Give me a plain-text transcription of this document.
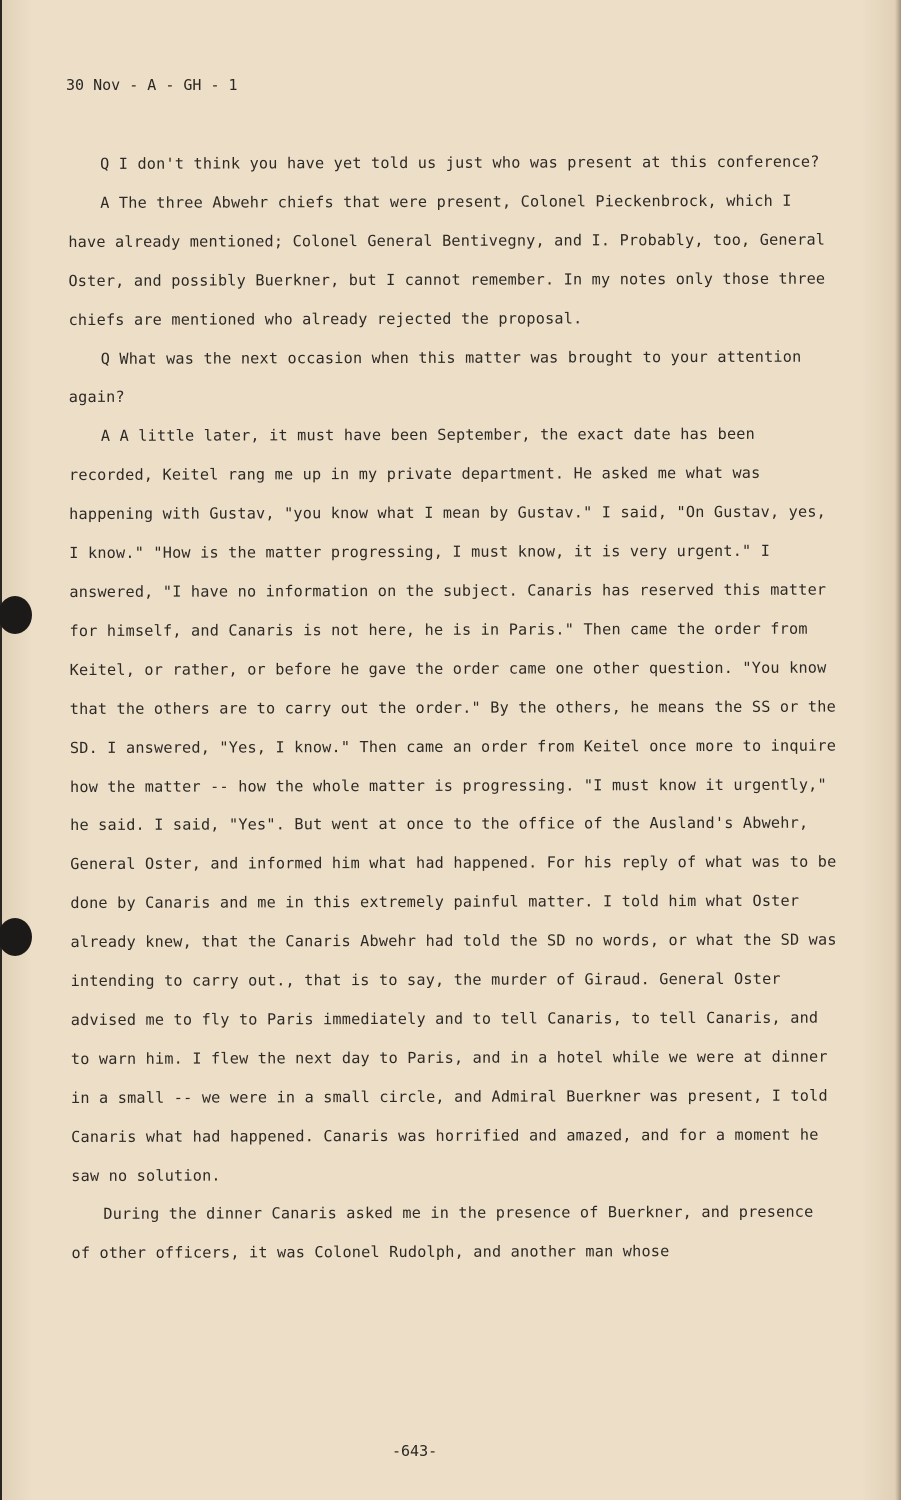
30 Nov - A - GH - 1

Q I don't think you have yet told us just who was present at this conference?

A The three Abwehr chiefs that were present, Colonel Pieckenbrock, which I have already mentioned; Colonel General Bentivegny, and I. Probably, too, General Oster, and possibly Buerkner, but I cannot remember. In my notes only those three chiefs are mentioned who already rejected the proposal.

Q What was the next occasion when this matter was brought to your attention again?

A A little later, it must have been September, the exact date has been recorded, Keitel rang me up in my private department. He asked me what was happening with Gustav, "you know what I mean by Gustav." I said, "On Gustav, yes, I know." "How is the matter progressing, I must know, it is very urgent." I answered, "I have no information on the subject. Canaris has reserved this matter for himself, and Canaris is not here, he is in Paris." Then came the order from Keitel, or rather, or before he gave the order came one other question. "You know that the others are to carry out the order." By the others, he means the SS or the SD. I answered, "Yes, I know." Then came an order from Keitel once more to inquire how the matter -- how the whole matter is progressing. "I must know it urgently," he said. I said, "Yes". But went at once to the office of the Ausland's Abwehr, General Oster, and informed him what had happened. For his reply of what was to be done by Canaris and me in this extremely painful matter. I told him what Oster already knew, that the Canaris Abwehr had told the SD no words, or what the SD was intending to carry out., that is to say, the murder of Giraud. General Oster advised me to fly to Paris immediately and to tell Canaris, to tell Canaris, and to warn him. I flew the next day to Paris, and in a hotel while we were at dinner in a small -- we were in a small circle, and Admiral Buerkner was present, I told Canaris what had happened. Canaris was horrified and amazed, and for a moment he saw no solution.

During the dinner Canaris asked me in the presence of Buerkner, and presence of other officers, it was Colonel Rudolph, and another man whose

-643-
